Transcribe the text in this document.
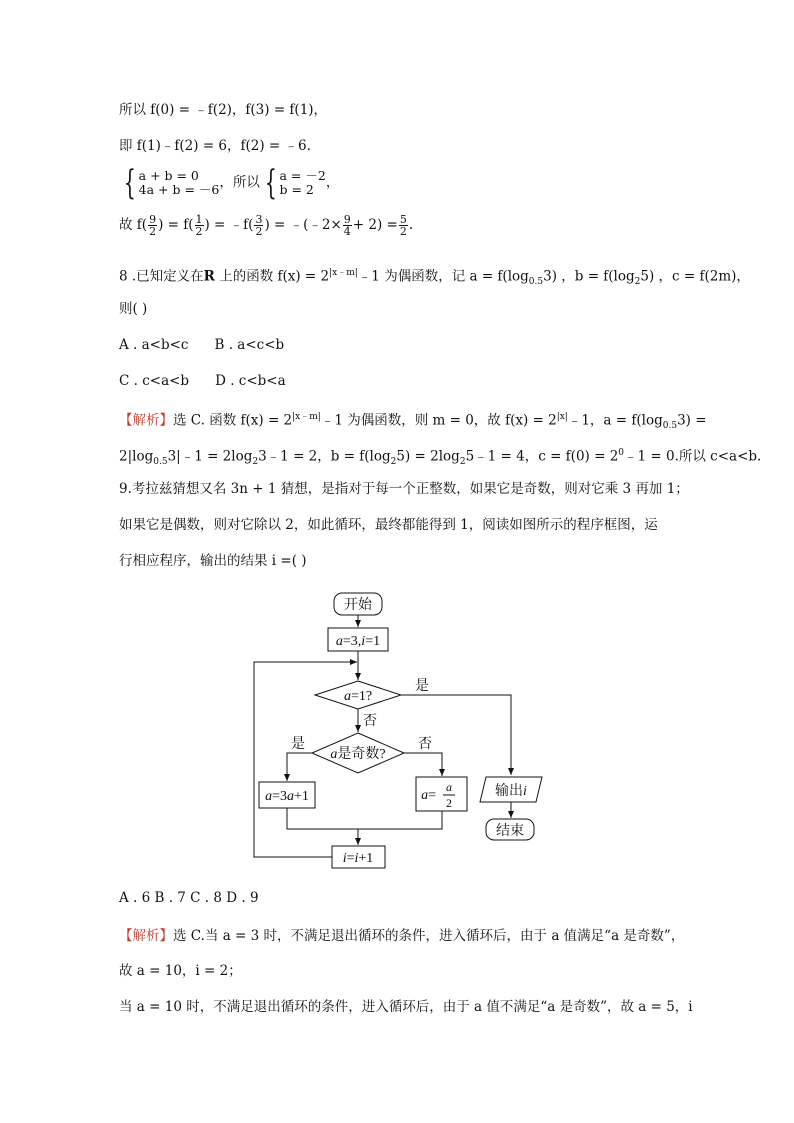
所以 f(0) = ﹣f(2)，f(3) = f(1)，
即 f(1)﹣f(2) = 6，f(2) = ﹣6.
{ a + b = 0
4a + b = －6 ，所以 { a = －2
b = 2 ，
故 $f( \frac{9}{2}$ ) = $f( \frac{1}{2}$ ) = ﹣f( $\frac{3}{2}$ ) = ﹣(﹣2× $\frac{9}{4} + 2) = \frac{5}{2}$ .
8 .已知定义在R 上的函数 $f(x) = 2^{|x﹣m|}﹣1$ 为偶函数，记 $a = f(\log_{0.5}3)$ ，$b = f(\log_25)$ ，c = f(2m)，
则( )
A . a<b<c B . a<c<b
C . c<a<b D . c<b<a
【解析】选 C. 函数 $f(x) = 2^{|x﹣m|}﹣1$ 为偶函数，则 m = 0，故 $f(x) = 2^{|x|}﹣1$，$a = f(\log_{0.5}3)$ =
$2|\log_{0.5}3|﹣1$ = $2\log_23﹣1 = 2$，$b = f(\log_25)$ = $2\log_25﹣1 = 4$，$c = f(0) = 2^0﹣1 = 0$.所以 c<a<b.
9.考拉兹猜想又名 3n + 1 猜想，是指对于每一个正整数，如果它是奇数，则对它乘 3 再加 1；
如果它是偶数，则对它除以 2，如此循环，最终都能得到 1，阅读如图所示的程序框图，运
行相应程序，输出的结果 i =( )
开始
a=3,i=1
a=1?
是
否
a是奇数?
是	否
a=3a+1	a=
a
2
输出i
结束
i=i+1
A . 6 B . 7 C . 8 D . 9
【解析】选 C.当 a = 3 时，不满足退出循环的条件，进入循环后，由于 a 值满足“a 是奇数”，
故 a = 10，i = 2；
当 a = 10 时，不满足退出循环的条件，进入循环后，由于 a 值不满足“a 是奇数”，故 a = 5，i
